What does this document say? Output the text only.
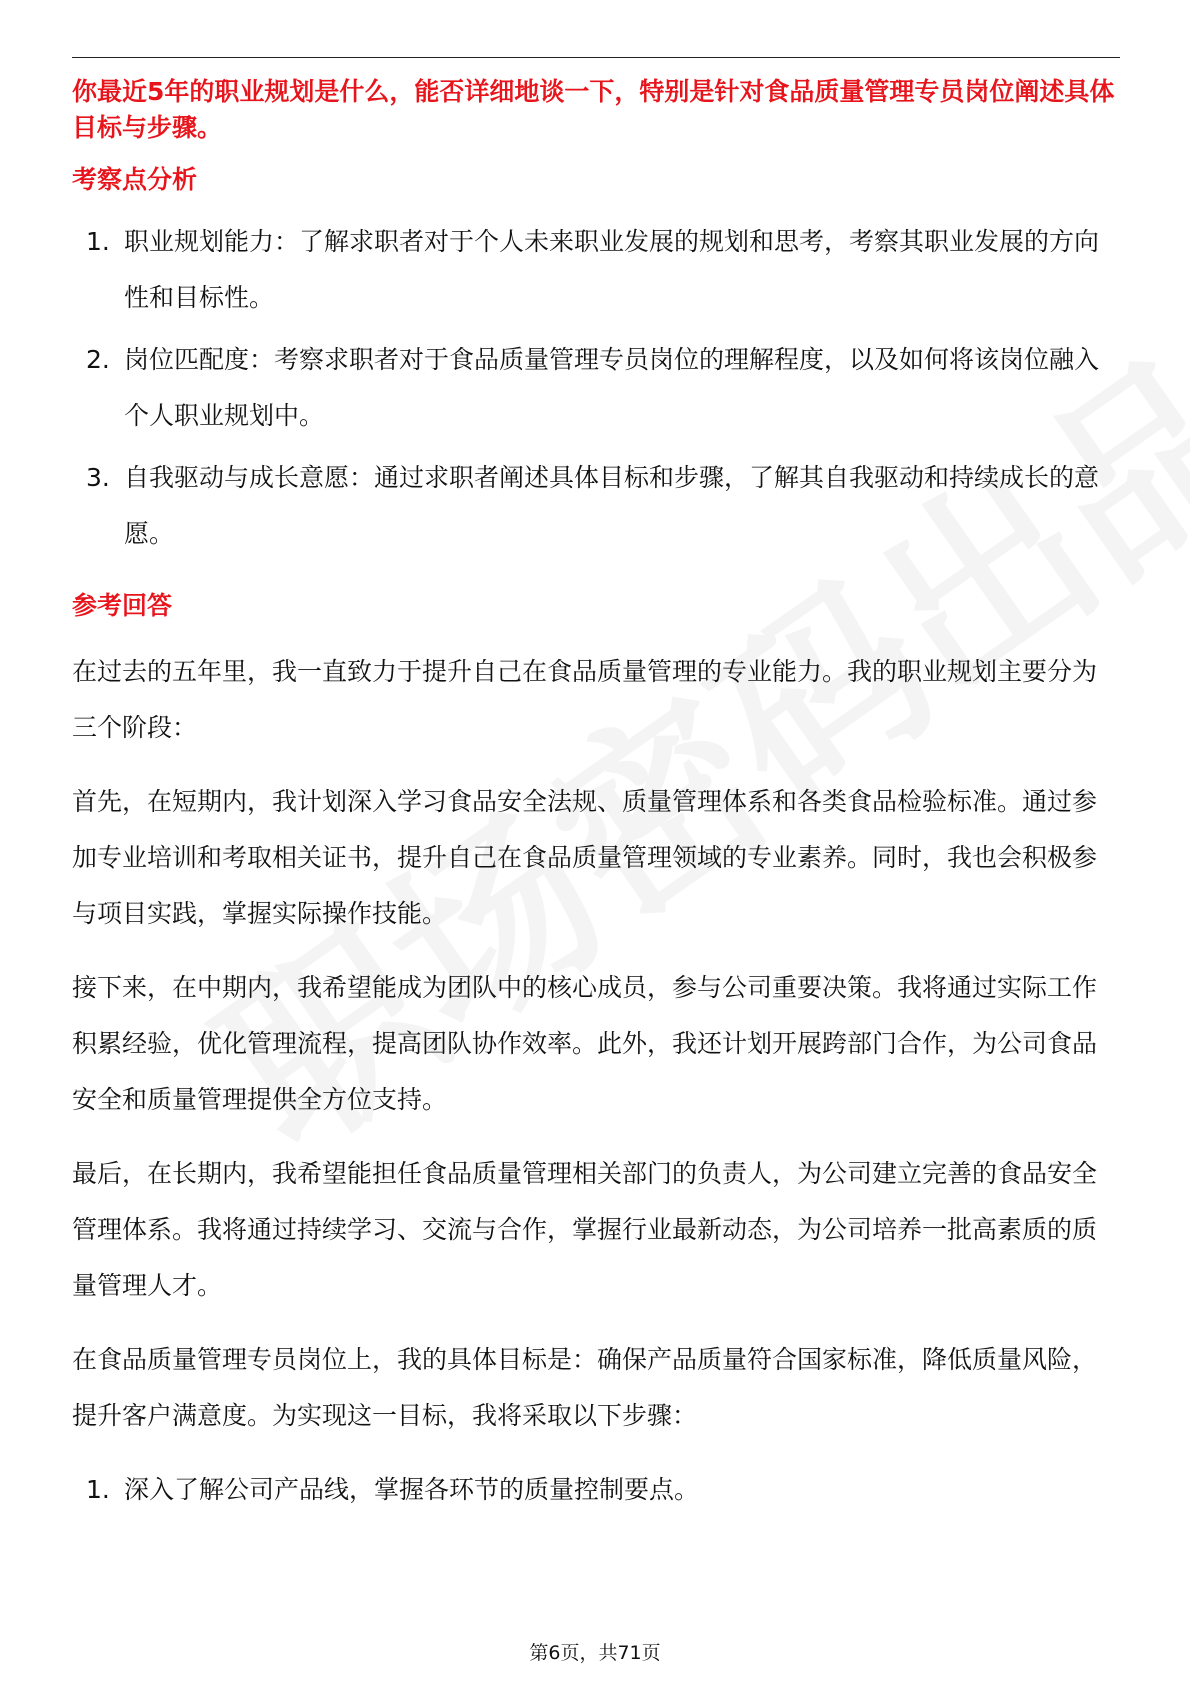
你最近5年的职业规划是什么，能否详细地谈一下，特别是针对食品质量管理专员岗位阐述具体目标与步骤。
考察点分析
1. 职业规划能力：了解求职者对于个人未来职业发展的规划和思考，考察其职业发展的方向性和目标性。
2. 岗位匹配度：考察求职者对于食品质量管理专员岗位的理解程度，以及如何将该岗位融入个人职业规划中。
3. 自我驱动与成长意愿：通过求职者阐述具体目标和步骤，了解其自我驱动和持续成长的意愿。
参考回答

在过去的五年里，我一直致力于提升自己在食品质量管理的专业能力。我的职业规划主要分为三个阶段：

首先，在短期内，我计划深入学习食品安全法规、质量管理体系和各类食品检验标准。通过参加专业培训和考取相关证书，提升自己在食品质量管理领域的专业素养。同时，我也会积极参与项目实践，掌握实际操作技能。

接下来，在中期内，我希望能成为团队中的核心成员，参与公司重要决策。我将通过实际工作积累经验，优化管理流程，提高团队协作效率。此外，我还计划开展跨部门合作，为公司食品安全和质量管理提供全方位支持。

最后，在长期内，我希望能担任食品质量管理相关部门的负责人，为公司建立完善的食品安全管理体系。我将通过持续学习、交流与合作，掌握行业最新动态，为公司培养一批高素质的质量管理人才。

在食品质量管理专员岗位上，我的具体目标是：确保产品质量符合国家标准，降低质量风险，提升客户满意度。为实现这一目标，我将采取以下步骤：

1. 深入了解公司产品线，掌握各环节的质量控制要点。
第6页，共71页
